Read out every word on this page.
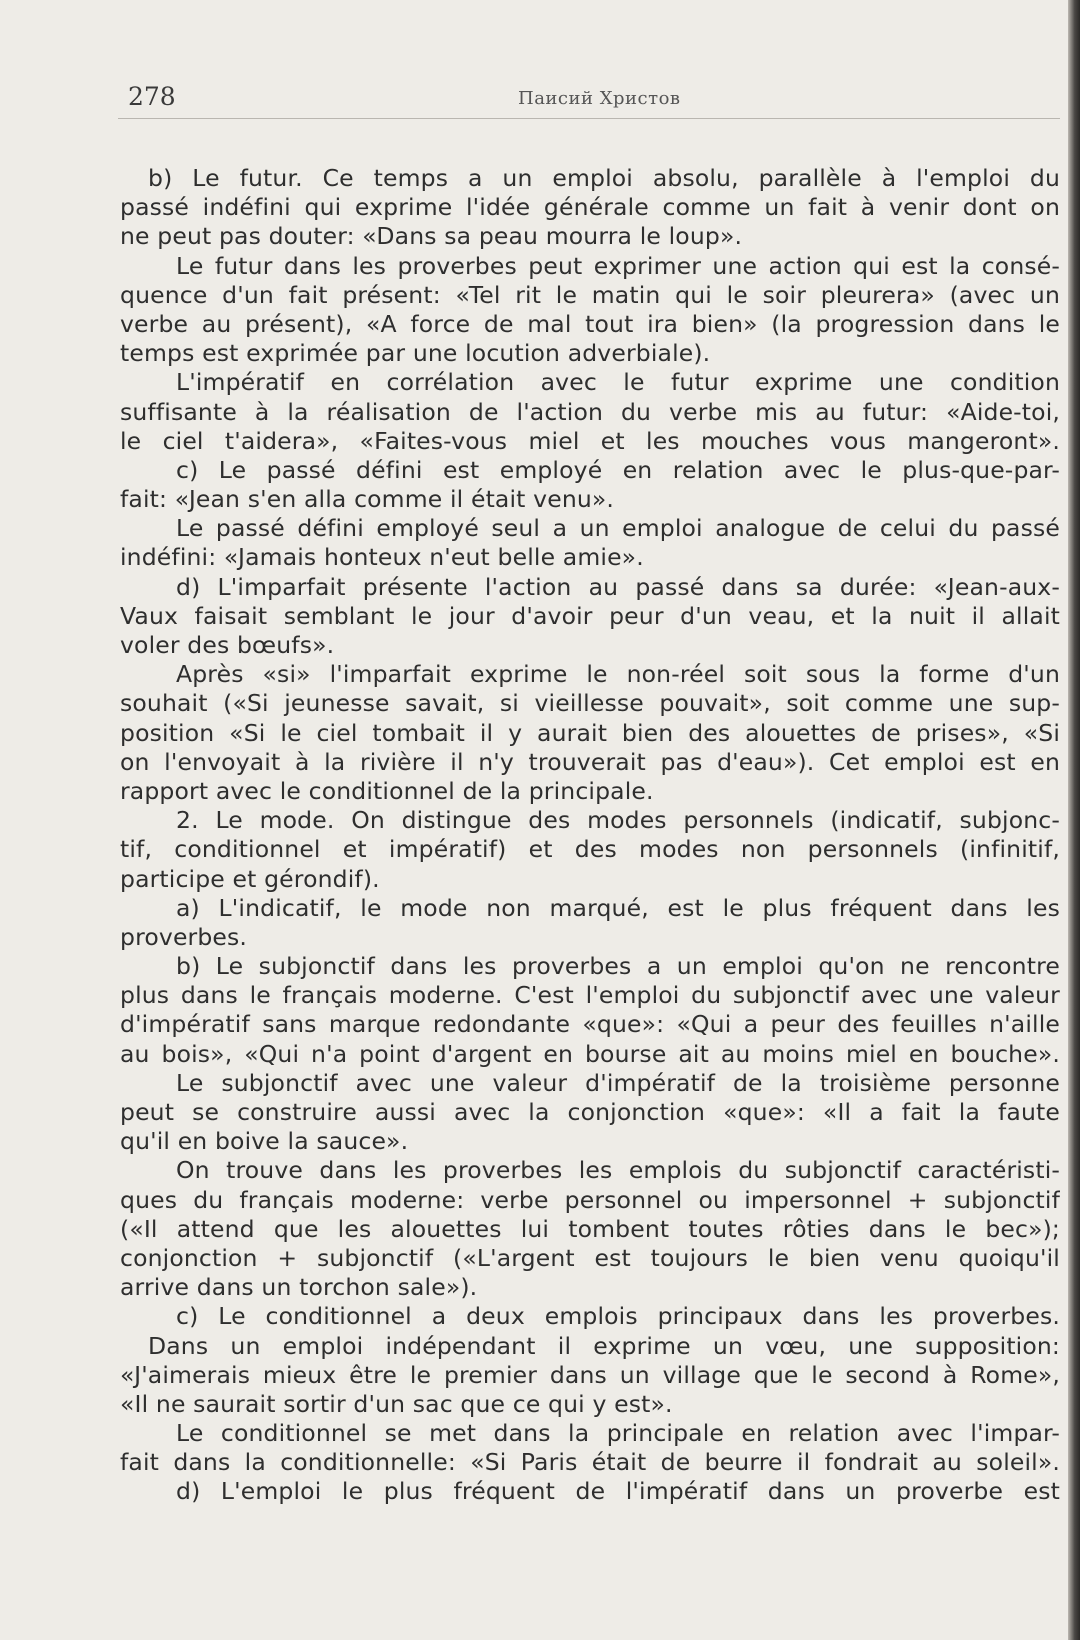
278	Паисий Христов
b) Le futur. Ce temps a un emploi absolu, parallèle à l'emploi du
passé indéfini qui exprime l'idée générale comme un fait à venir dont on
ne peut pas douter: «Dans sa peau mourra le loup».
Le futur dans les proverbes peut exprimer une action qui est la consé-
quence d'un fait présent: «Tel rit le matin qui le soir pleurera» (avec un
verbe au présent), «A force de mal tout ira bien» (la progression dans le
temps est exprimée par une locution adverbiale).
L'impératif en corrélation avec le futur exprime une condition
suffisante à la réalisation de l'action du verbe mis au futur: «Aide-toi,
le ciel t'aidera», «Faites-vous miel et les mouches vous mangeront».
c) Le passé défini est employé en relation avec le plus-que-par-
fait: «Jean s'en alla comme il était venu».
Le passé défini employé seul a un emploi analogue de celui du passé
indéfini: «Jamais honteux n'eut belle amie».
d) L'imparfait présente l'action au passé dans sa durée: «Jean-aux-
Vaux faisait semblant le jour d'avoir peur d'un veau, et la nuit il allait
voler des bœufs».
Après «si» l'imparfait exprime le non-réel soit sous la forme d'un
souhait («Si jeunesse savait, si vieillesse pouvait», soit comme une sup-
position «Si le ciel tombait il y aurait bien des alouettes de prises», «Si
on l'envoyait à la rivière il n'y trouverait pas d'eau»). Cet emploi est en
rapport avec le conditionnel de la principale.
2. Le mode. On distingue des modes personnels (indicatif, subjonc-
tif, conditionnel et impératif) et des modes non personnels (infinitif,
participe et gérondif).
a) L'indicatif, le mode non marqué, est le plus fréquent dans les
proverbes.
b) Le subjonctif dans les proverbes a un emploi qu'on ne rencontre
plus dans le français moderne. C'est l'emploi du subjonctif avec une valeur
d'impératif sans marque redondante «que»: «Qui a peur des feuilles n'aille
au bois», «Qui n'a point d'argent en bourse ait au moins miel en bouche».
Le subjonctif avec une valeur d'impératif de la troisième personne
peut se construire aussi avec la conjonction «que»: «Il a fait la faute
qu'il en boive la sauce».
On trouve dans les proverbes les emplois du subjonctif caractéristi-
ques du français moderne: verbe personnel ou impersonnel + subjonctif
(«Il attend que les alouettes lui tombent toutes rôties dans le bec»);
conjonction + subjonctif («L'argent est toujours le bien venu quoiqu'il
arrive dans un torchon sale»).
c) Le conditionnel a deux emplois principaux dans les proverbes.
Dans un emploi indépendant il exprime un vœu, une supposition:
«J'aimerais mieux être le premier dans un village que le second à Rome»,
«Il ne saurait sortir d'un sac que ce qui y est».
Le conditionnel se met dans la principale en relation avec l'impar-
fait dans la conditionnelle: «Si Paris était de beurre il fondrait au soleil».
d) L'emploi le plus fréquent de l'impératif dans un proverbe est
